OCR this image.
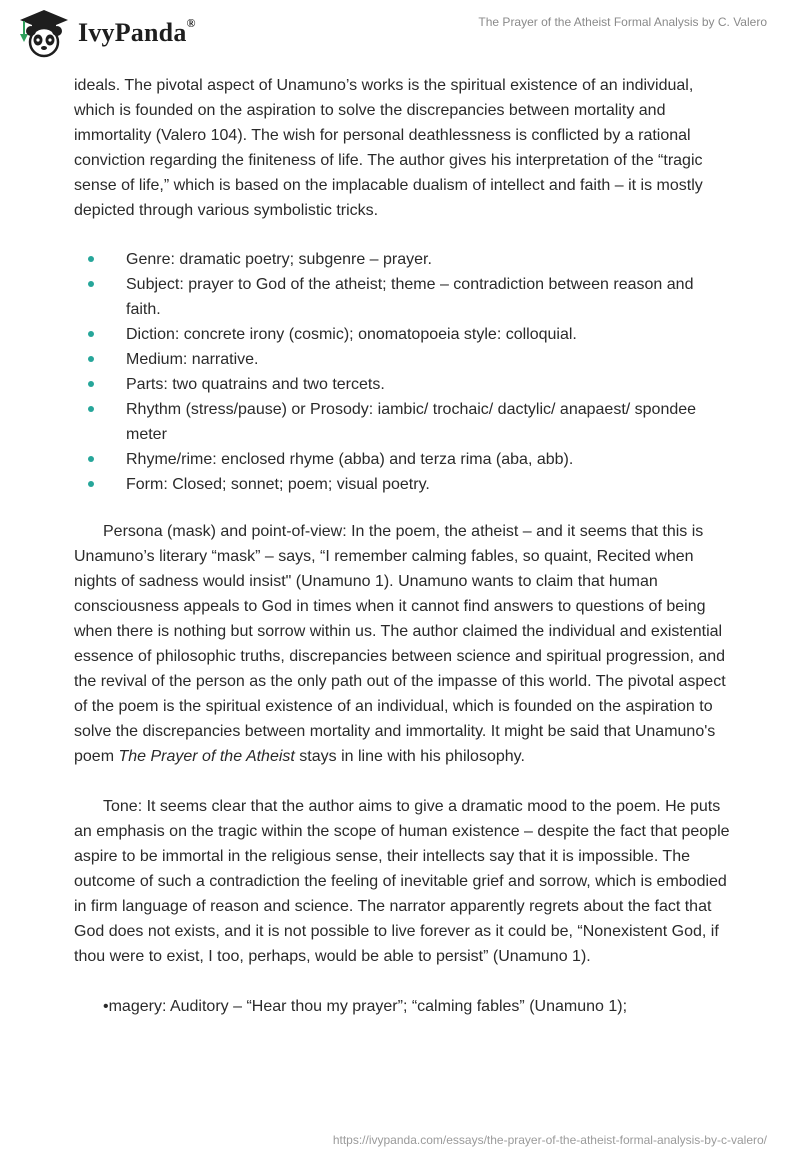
IvyPanda®	The Prayer of the Atheist Formal Analysis by C. Valero

ideals. The pivotal aspect of Unamuno’s works is the spiritual existence of an individual, which is founded on the aspiration to solve the discrepancies between mortality and immortality (Valero 104). The wish for personal deathlessness is conflicted by a rational conviction regarding the finiteness of life. The author gives his interpretation of the “tragic sense of life,” which is based on the implacable dualism of intellect and faith – it is mostly depicted through various symbolistic tricks.

Genre: dramatic poetry; subgenre – prayer.
Subject: prayer to God of the atheist; theme – contradiction between reason and faith.
Diction: concrete irony (cosmic); onomatopoeia style: colloquial.
Medium: narrative.
Parts: two quatrains and two tercets.
Rhythm (stress/pause) or Prosody: iambic/ trochaic/ dactylic/ anapaest/ spondee meter
Rhyme/rime: enclosed rhyme (abba) and terza rima (aba, abb).
Form: Closed; sonnet; poem; visual poetry.

Persona (mask) and point-of-view: In the poem, the atheist – and it seems that this is Unamuno’s literary “mask” – says, “I remember calming fables, so quaint, Recited when nights of sadness would insist" (Unamuno 1). Unamuno wants to claim that human consciousness appeals to God in times when it cannot find answers to questions of being when there is nothing but sorrow within us. The author claimed the individual and existential essence of philosophic truths, discrepancies between science and spiritual progression, and the revival of the person as the only path out of the impasse of this world. The pivotal aspect of the poem is the spiritual existence of an individual, which is founded on the aspiration to solve the discrepancies between mortality and immortality. It might be said that Unamuno's poem The Prayer of the Atheist stays in line with his philosophy.

Tone: It seems clear that the author aims to give a dramatic mood to the poem. He puts an emphasis on the tragic within the scope of human existence – despite the fact that people aspire to be immortal in the religious sense, their intellects say that it is impossible. The outcome of such a contradiction the feeling of inevitable grief and sorrow, which is embodied in firm language of reason and science. The narrator apparently regrets about the fact that God does not exists, and it is not possible to live forever as it could be, “Nonexistent God, if thou were to exist, I too, perhaps, would be able to persist” (Unamuno 1).

•magery: Auditory – “Hear thou my prayer”; “calming fables” (Unamuno 1);

https://ivypanda.com/essays/the-prayer-of-the-atheist-formal-analysis-by-c-valero/
